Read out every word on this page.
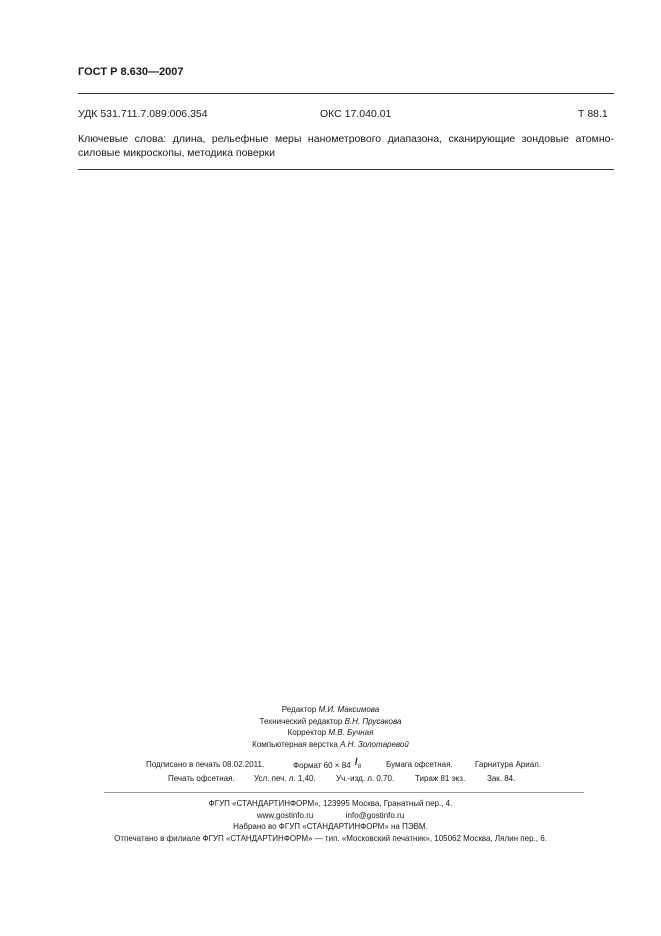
ГОСТ Р 8.630—2007
УДК 531.711.7.089:006.354	ОКС 17.040.01	Т 88.1
Ключевые слова: длина, рельефные меры нанометрового диапазона, сканирующие зондовые атомно-силовые микроскопы, методика поверки
Редактор М.И. Максимова
Технический редактор В.Н. Прусакова
Корректор М.В. Бучная
Компьютерная верстка А.Н. Золотаревой
Подписано в печать 08.02.2011.	Формат 60 × 84 / 8	Бумага офсетная.	Гарнитура Ариал.
Печать офсетная. Усл. печ. л. 1,40.	Уч.-изд. л. 0,70.	Тираж 81 экз.	Зак. 84.
ФГУП «СТАНДАРТИНФОРМ», 123995 Москва, Гранатный пер., 4.
www.gostinfo.ru	info@gostinfo.ru
Набрано во ФГУП «СТАНДАРТИНФОРМ» на ПЭВМ.
Отпечатано в филиале ФГУП «СТАНДАРТИНФОРМ» — тип. «Московский печатник», 105062 Москва, Лялин пер., 6.
